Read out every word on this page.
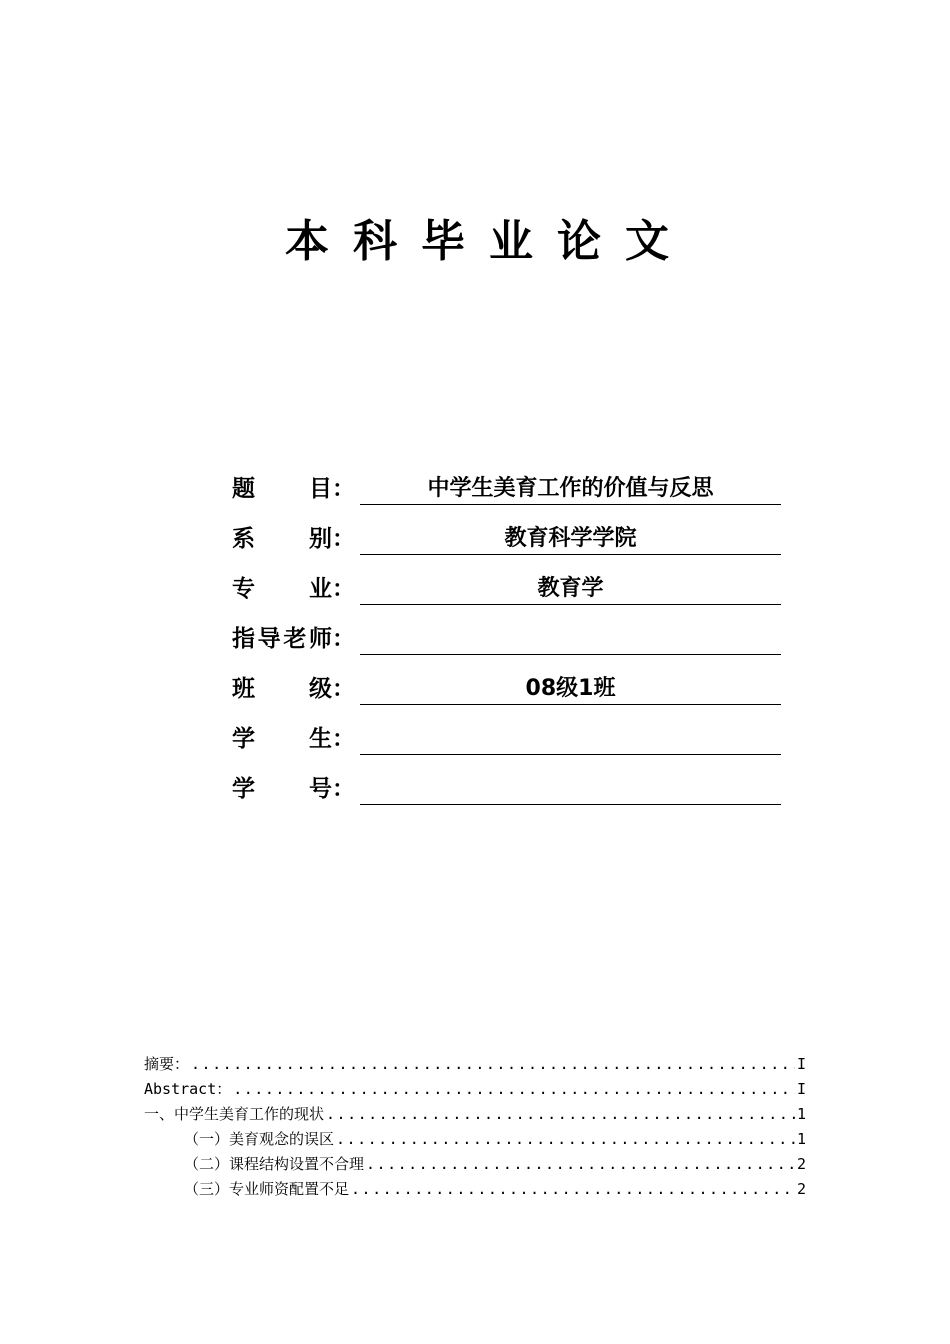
本科毕业论文
题 目 ：	中学生美育工作的价值与反思
系 别 ：	教育科学学院
专 业 ：	教育学
指 导 老 师 ：
班 级 ：	08级1班
学 生 ：
学 号 ：
摘要： .....	I
Abstract： .....	I
一、中学生美育工作的现状 .....	1
（一）美育观念的误区 .....	1
（二）课程结构设置不合理 .....	2
（三）专业师资配置不足 .....	2
